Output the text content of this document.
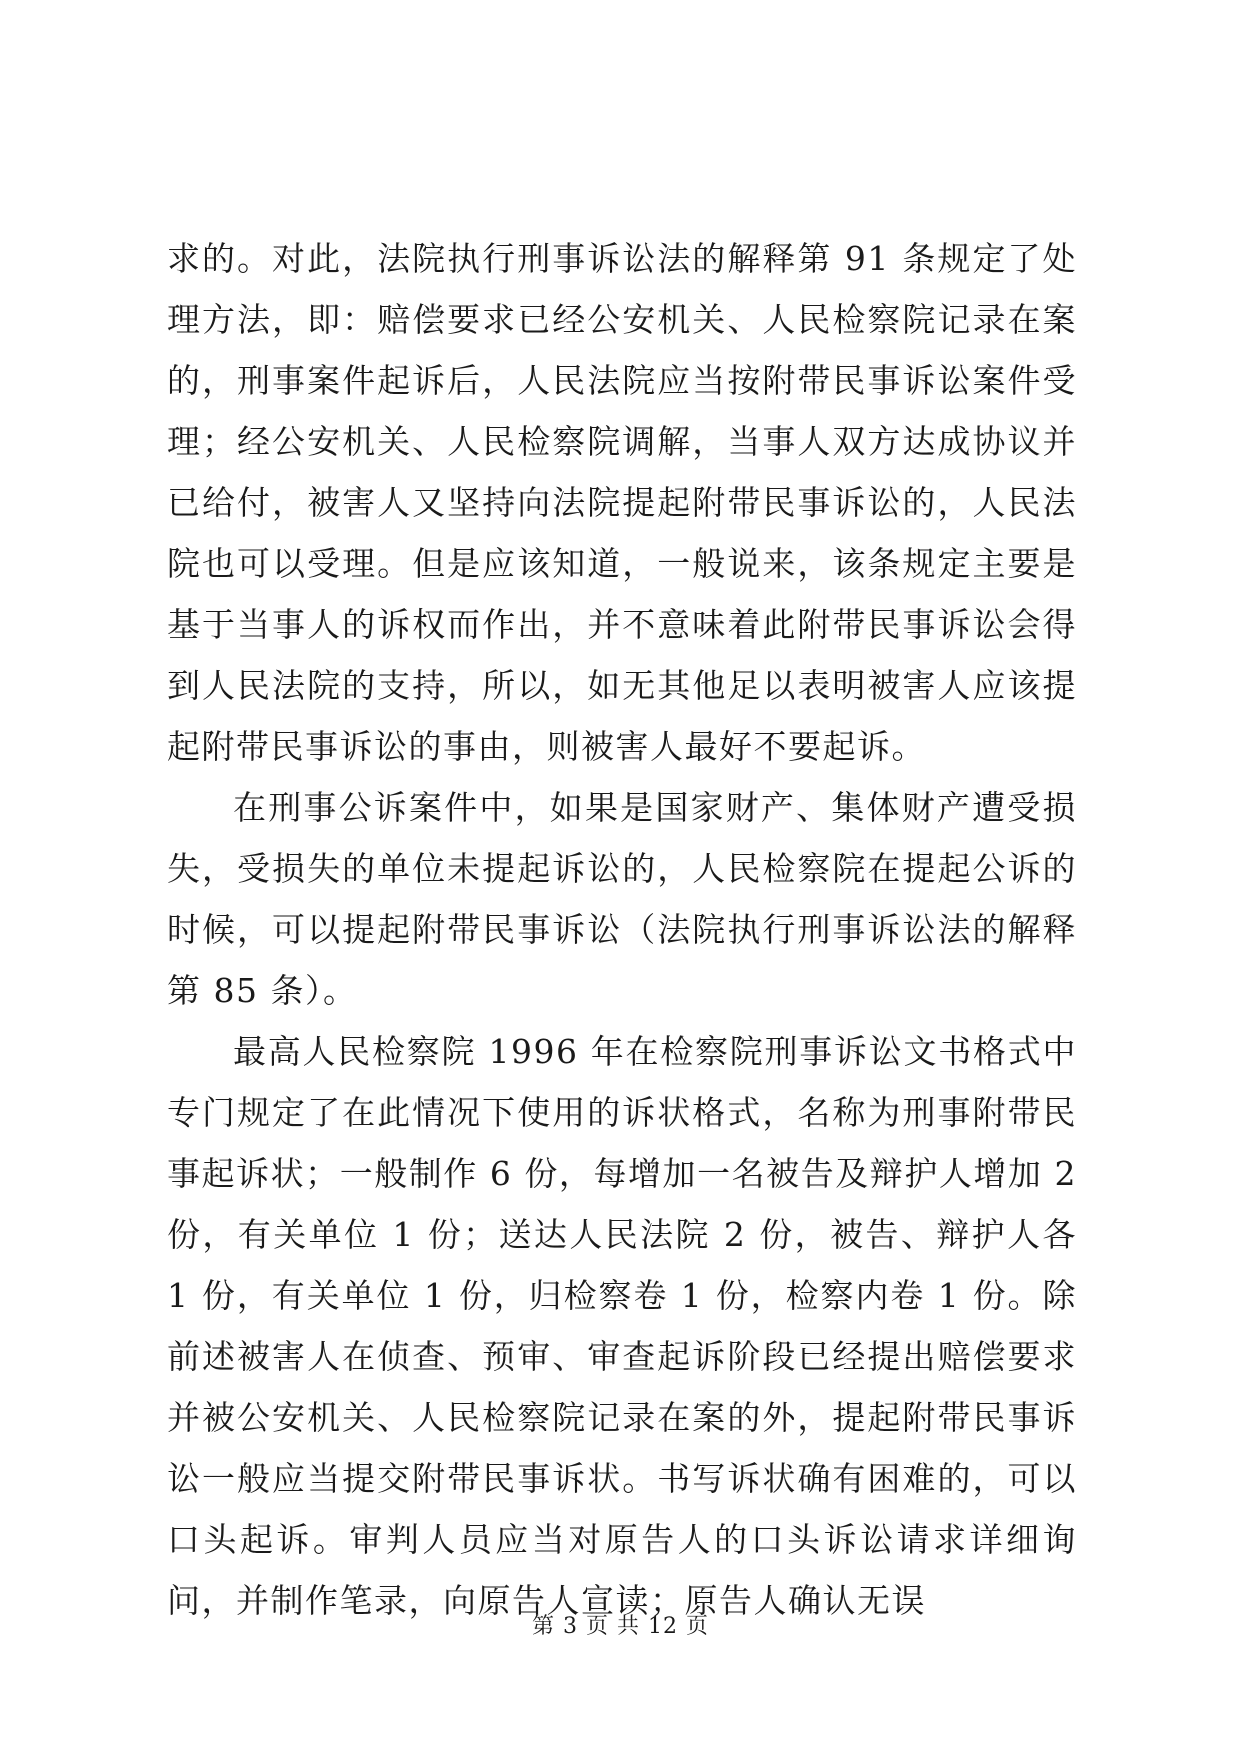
求的。对此，法院执行刑事诉讼法的解释第 91 条规定了处理方法，即：赔偿要求已经公安机关、人民检察院记录在案的，刑事案件起诉后，人民法院应当按附带民事诉讼案件受理；经公安机关、人民检察院调解，当事人双方达成协议并已给付，被害人又坚持向法院提起附带民事诉讼的，人民法院也可以受理。但是应该知道，一般说来，该条规定主要是基于当事人的诉权而作出，并不意味着此附带民事诉讼会得到人民法院的支持，所以，如无其他足以表明被害人应该提起附带民事诉讼的事由，则被害人最好不要起诉。

在刑事公诉案件中，如果是国家财产、集体财产遭受损失，受损失的单位未提起诉讼的，人民检察院在提起公诉的时候，可以提起附带民事诉讼（法院执行刑事诉讼法的解释第 85 条）。

最高人民检察院 1996 年在检察院刑事诉讼文书格式中专门规定了在此情况下使用的诉状格式，名称为刑事附带民事起诉状；一般制作 6 份，每增加一名被告及辩护人增加 2 份，有关单位 1 份；送达人民法院 2 份，被告、辩护人各 1 份，有关单位 1 份，归检察卷 1 份，检察内卷 1 份。除前述被害人在侦查、预审、审查起诉阶段已经提出赔偿要求并被公安机关、人民检察院记录在案的外，提起附带民事诉讼一般应当提交附带民事诉状。书写诉状确有困难的，可以口头起诉。审判人员应当对原告人的口头诉讼请求详细询问，并制作笔录，向原告人宣读；原告人确认无误

第 3 页 共 12 页
